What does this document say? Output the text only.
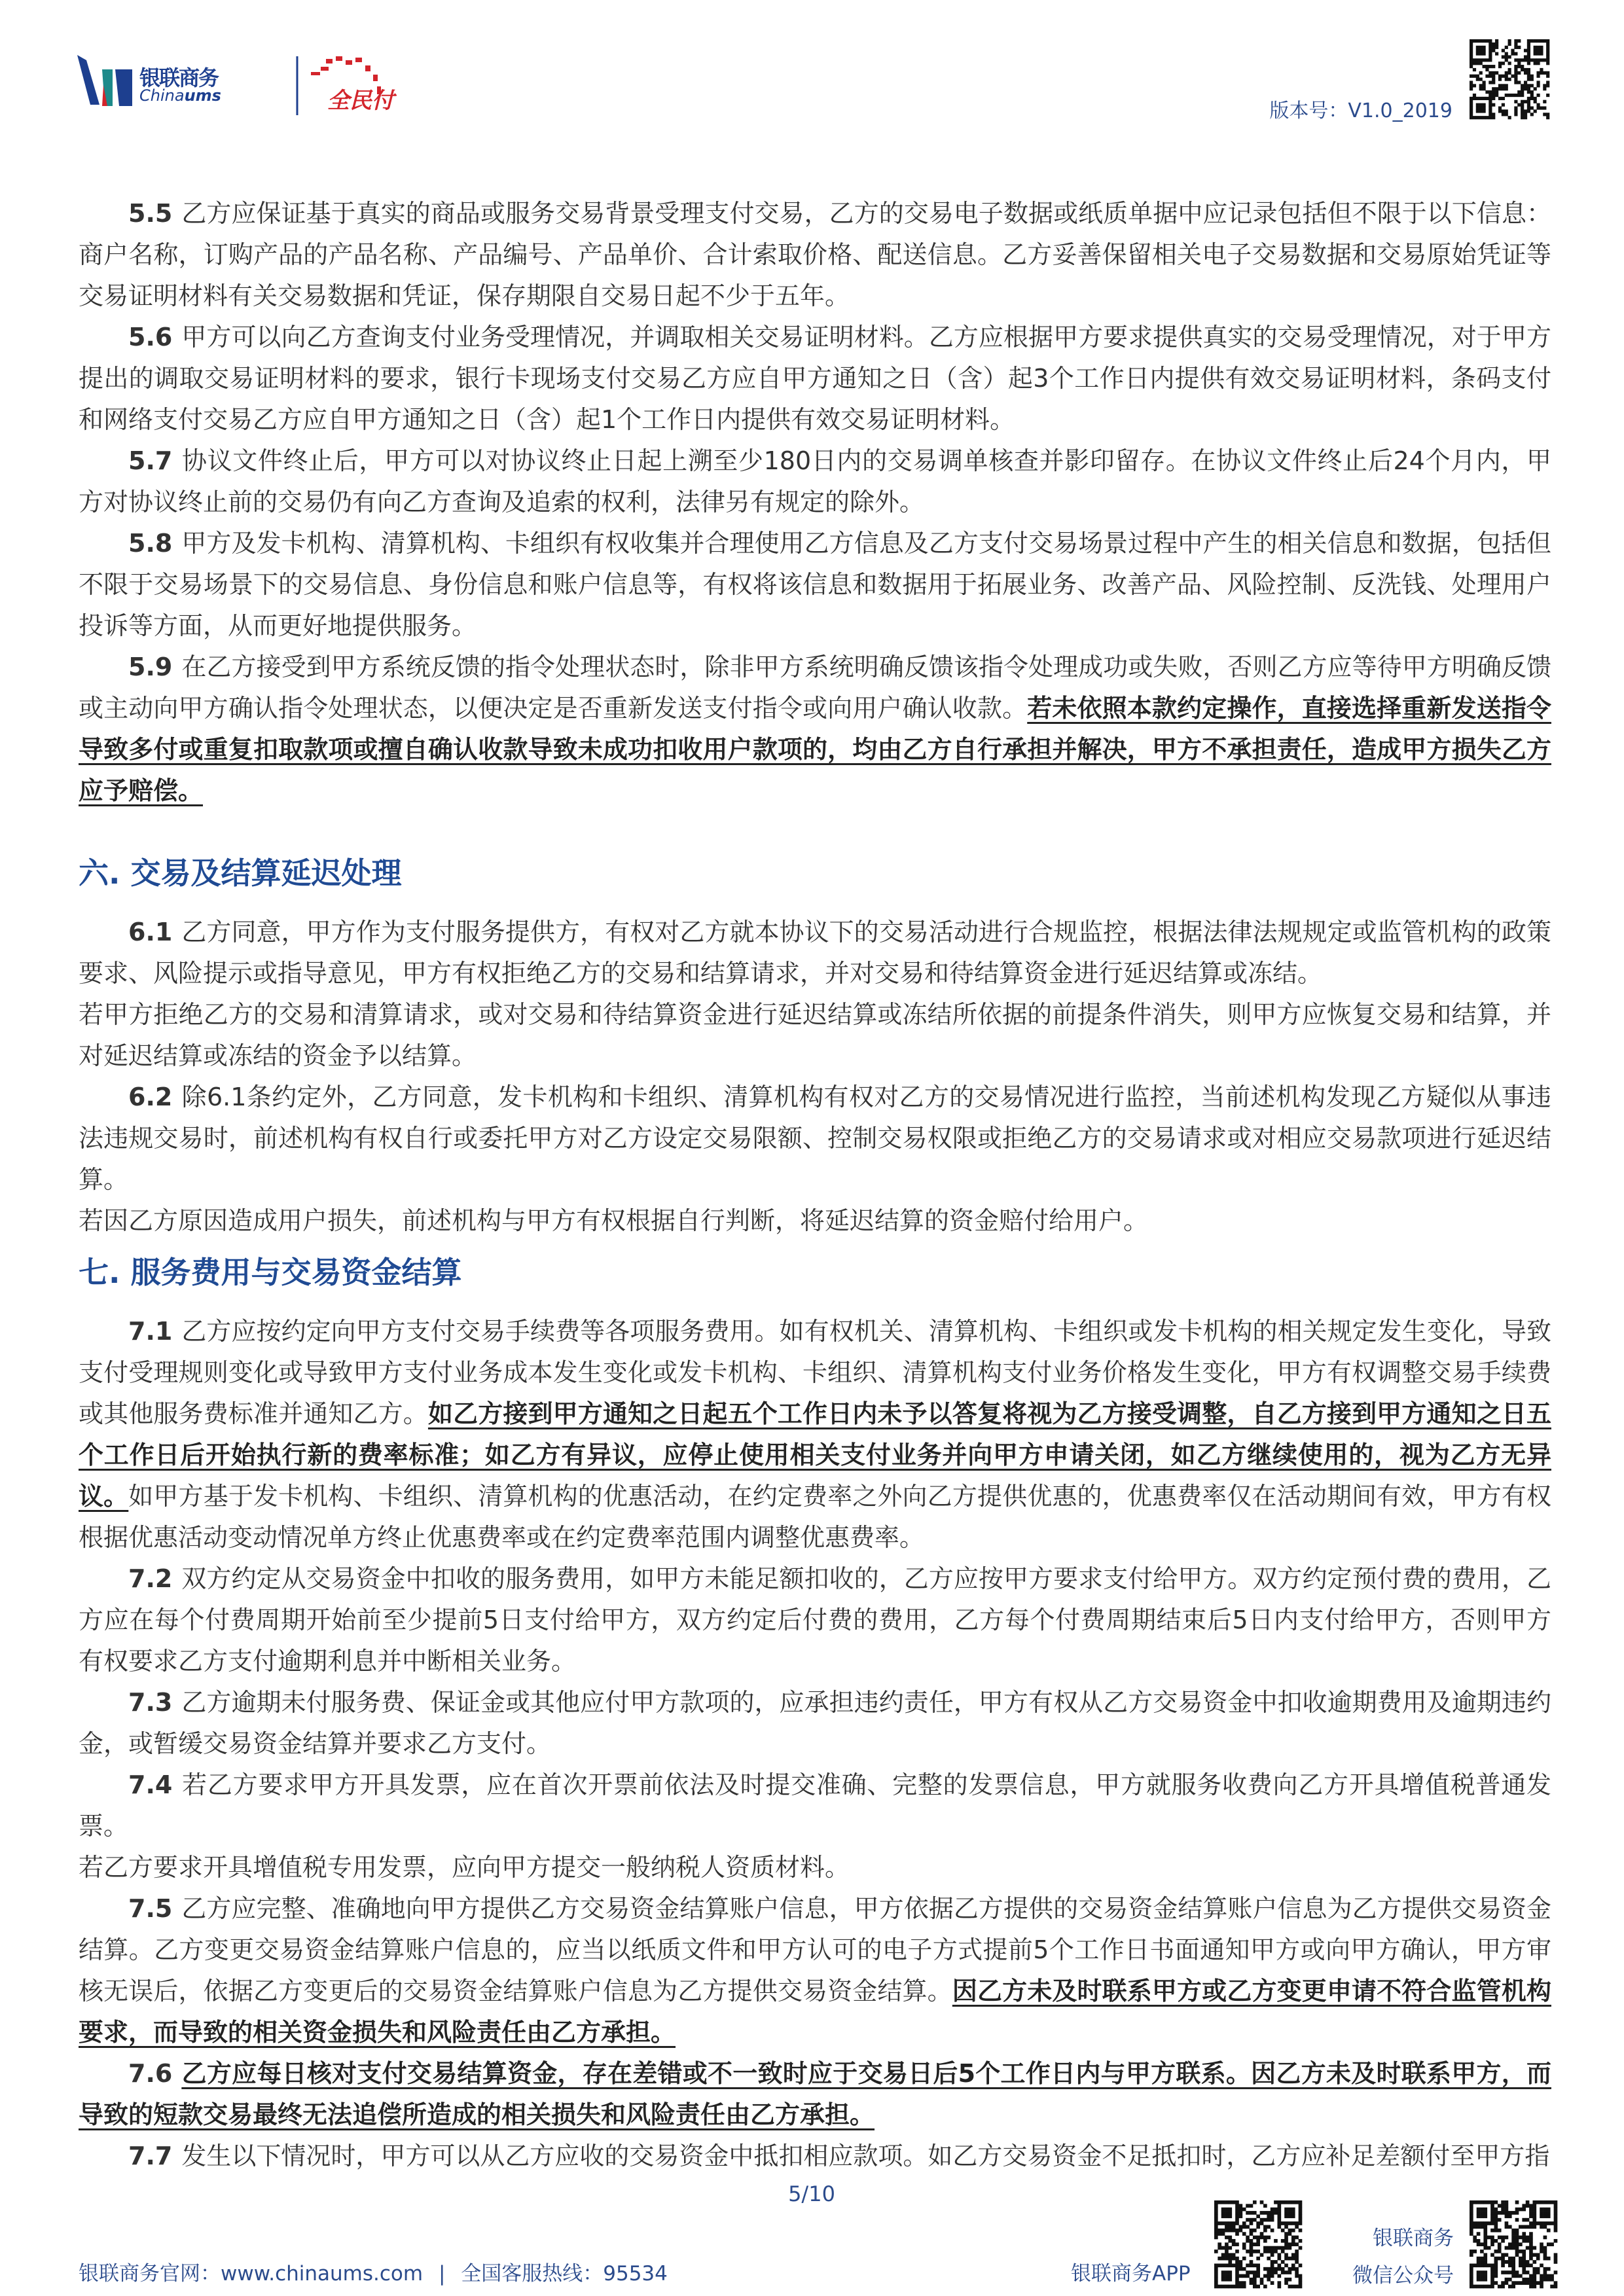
银联商务
Chinaums	全民付	版本号：V1.0_2019

5.5 乙方应保证基于真实的商品或服务交易背景受理支付交易，乙方的交易电子数据或纸质单据中应记录包括但不限于以下信息：商户名称，订购产品的产品名称、产品编号、产品单价、合计索取价格、配送信息。乙方妥善保留相关电子交易数据和交易原始凭证等交易证明材料有关交易数据和凭证，保存期限自交易日起不少于五年。

5.6 甲方可以向乙方查询支付业务受理情况，并调取相关交易证明材料。乙方应根据甲方要求提供真实的交易受理情况，对于甲方提出的调取交易证明材料的要求，银行卡现场支付交易乙方应自甲方通知之日（含）起3个工作日内提供有效交易证明材料，条码支付和网络支付交易乙方应自甲方通知之日（含）起1个工作日内提供有效交易证明材料。

5.7 协议文件终止后，甲方可以对协议终止日起上溯至少180日内的交易调单核查并影印留存。在协议文件终止后24个月内，甲方对协议终止前的交易仍有向乙方查询及追索的权利，法律另有规定的除外。

5.8 甲方及发卡机构、清算机构、卡组织有权收集并合理使用乙方信息及乙方支付交易场景过程中产生的相关信息和数据，包括但不限于交易场景下的交易信息、身份信息和账户信息等，有权将该信息和数据用于拓展业务、改善产品、风险控制、反洗钱、处理用户投诉等方面，从而更好地提供服务。

5.9 在乙方接受到甲方系统反馈的指令处理状态时，除非甲方系统明确反馈该指令处理成功或失败，否则乙方应等待甲方明确反馈或主动向甲方确认指令处理状态，以便决定是否重新发送支付指令或向用户确认收款。若未依照本款约定操作，直接选择重新发送指令导致多付或重复扣取款项或擅自确认收款导致未成功扣收用户款项的，均由乙方自行承担并解决，甲方不承担责任，造成甲方损失乙方应予赔偿。

六. 交易及结算延迟处理

6.1 乙方同意，甲方作为支付服务提供方，有权对乙方就本协议下的交易活动进行合规监控，根据法律法规规定或监管机构的政策要求、风险提示或指导意见，甲方有权拒绝乙方的交易和结算请求，并对交易和待结算资金进行延迟结算或冻结。

若甲方拒绝乙方的交易和清算请求，或对交易和待结算资金进行延迟结算或冻结所依据的前提条件消失，则甲方应恢复交易和结算，并对延迟结算或冻结的资金予以结算。

6.2 除6.1条约定外，乙方同意，发卡机构和卡组织、清算机构有权对乙方的交易情况进行监控，当前述机构发现乙方疑似从事违法违规交易时，前述机构有权自行或委托甲方对乙方设定交易限额、控制交易权限或拒绝乙方的交易请求或对相应交易款项进行延迟结算。

若因乙方原因造成用户损失，前述机构与甲方有权根据自行判断，将延迟结算的资金赔付给用户。

七. 服务费用与交易资金结算

7.1 乙方应按约定向甲方支付交易手续费等各项服务费用。如有权机关、清算机构、卡组织或发卡机构的相关规定发生变化，导致支付受理规则变化或导致甲方支付业务成本发生变化或发卡机构、卡组织、清算机构支付业务价格发生变化，甲方有权调整交易手续费或其他服务费标准并通知乙方。如乙方接到甲方通知之日起五个工作日内未予以答复将视为乙方接受调整，自乙方接到甲方通知之日五个工作日后开始执行新的费率标准；如乙方有异议，应停止使用相关支付业务并向甲方申请关闭，如乙方继续使用的，视为乙方无异议。如甲方基于发卡机构、卡组织、清算机构的优惠活动，在约定费率之外向乙方提供优惠的，优惠费率仅在活动期间有效，甲方有权根据优惠活动变动情况单方终止优惠费率或在约定费率范围内调整优惠费率。

7.2 双方约定从交易资金中扣收的服务费用，如甲方未能足额扣收的，乙方应按甲方要求支付给甲方。双方约定预付费的费用，乙方应在每个付费周期开始前至少提前5日支付给甲方，双方约定后付费的费用，乙方每个付费周期结束后5日内支付给甲方，否则甲方有权要求乙方支付逾期利息并中断相关业务。

7.3 乙方逾期未付服务费、保证金或其他应付甲方款项的，应承担违约责任，甲方有权从乙方交易资金中扣收逾期费用及逾期违约金，或暂缓交易资金结算并要求乙方支付。

7.4 若乙方要求甲方开具发票，应在首次开票前依法及时提交准确、完整的发票信息，甲方就服务收费向乙方开具增值税普通发票。

若乙方要求开具增值税专用发票，应向甲方提交一般纳税人资质材料。

7.5 乙方应完整、准确地向甲方提供乙方交易资金结算账户信息，甲方依据乙方提供的交易资金结算账户信息为乙方提供交易资金结算。乙方变更交易资金结算账户信息的，应当以纸质文件和甲方认可的电子方式提前5个工作日书面通知甲方或向甲方确认，甲方审核无误后，依据乙方变更后的交易资金结算账户信息为乙方提供交易资金结算。因乙方未及时联系甲方或乙方变更申请不符合监管机构要求，而导致的相关资金损失和风险责任由乙方承担。

7.6 乙方应每日核对支付交易结算资金，存在差错或不一致时应于交易日后5个工作日内与甲方联系。因乙方未及时联系甲方，而导致的短款交易最终无法追偿所造成的相关损失和风险责任由乙方承担。

7.7 发生以下情况时，甲方可以从乙方应收的交易资金中抵扣相应款项。如乙方交易资金不足抵扣时，乙方应补足差额付至甲方指

5/10
银联商务官网：www.chinaums.com | 全国客服热线：95534	银联商务APP
银联商务
微信公众号
